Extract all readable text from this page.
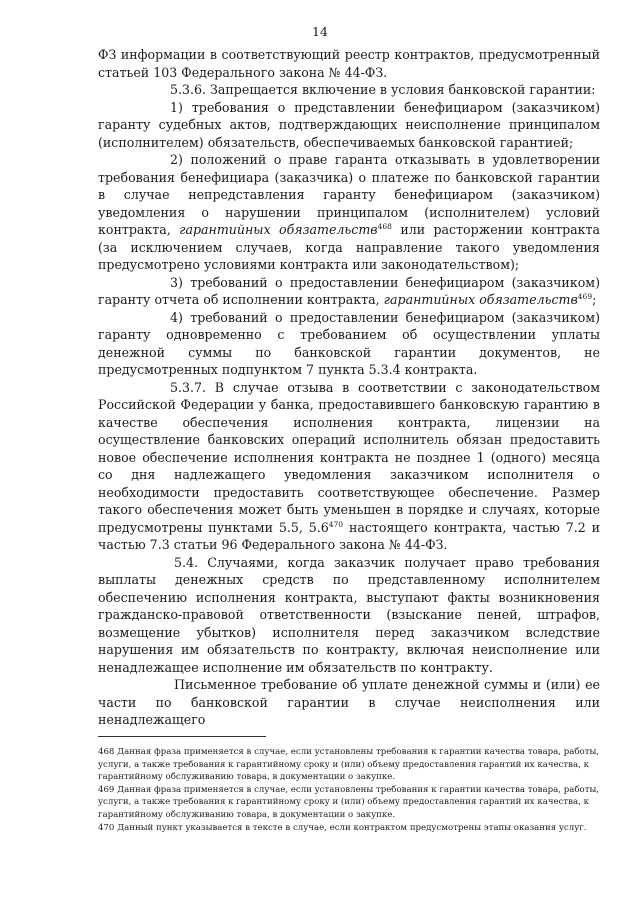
14

ФЗ информации в соответствующий реестр контрактов, предусмотренный статьей 103 Федерального закона № 44-ФЗ.

5.3.6. Запрещается включение в условия банковской гарантии:

1) требования о представлении бенефициаром (заказчиком) гаранту судебных актов, подтверждающих неисполнение принципалом (исполнителем) обязательств, обеспечиваемых банковской гарантией;

2) положений о праве гаранта отказывать в удовлетворении требования бенефициара (заказчика) о платеже по банковской гарантии в случае непредставления гаранту бенефициаром (заказчиком) уведомления о нарушении принципалом (исполнителем) условий контракта, гарантийных обязательств$^{468}$ или расторжении контракта (за исключением случаев, когда направление такого уведомления предусмотрено условиями контракта или законодательством);

3) требований о предоставлении бенефициаром (заказчиком) гаранту отчета об исполнении контракта, гарантийных обязательств$^{469}$;

4) требований о предоставлении бенефициаром (заказчиком) гаранту одновременно с требованием об осуществлении уплаты денежной суммы по банковской гарантии документов, не предусмотренных подпунктом 7 пункта 5.3.4 контракта.

5.3.7. В случае отзыва в соответствии с законодательством Российской Федерации у банка, предоставившего банковскую гарантию в качестве обеспечения исполнения контракта, лицензии на осуществление банковских операций исполнитель обязан предоставить новое обеспечение исполнения контракта не позднее 1 (одного) месяца со дня надлежащего уведомления заказчиком исполнителя о необходимости предоставить соответствующее обеспечение. Размер такого обеспечения может быть уменьшен в порядке и случаях, которые предусмотрены пунктами 5.5, $5.6^{470}$ настоящего контракта, частью 7.2 и частью 7.3 статьи 96 Федерального закона № 44-ФЗ.

5.4. Случаями, когда заказчик получает право требования выплаты денежных средств по представленному исполнителем обеспечению исполнения контракта, выступают факты возникновения гражданско-правовой ответственности (взыскание пеней, штрафов, возмещение убытков) исполнителя перед заказчиком вследствие нарушения им обязательств по контракту, включая неисполнение или ненадлежащее исполнение им обязательств по контракту.

Письменное требование об уплате денежной суммы и (или) ее части по банковской гарантии в случае неисполнения или ненадлежащего

468 Данная фраза применяется в случае, если установлены требования к гарантии качества товара, работы, услуги, а также требования к гарантийному сроку и (или) объему предоставления гарантий их качества, к гарантийному обслуживанию товара, в документации о закупке.

469 Данная фраза применяется в случае, если установлены требования к гарантии качества товара, работы, услуги, а также требования к гарантийному сроку и (или) объему предоставления гарантий их качества, к гарантийному обслуживанию товара, в документации о закупке.

470 Данный пункт указывается в тексте в случае, если контрактом предусмотрены этапы оказания услуг.
